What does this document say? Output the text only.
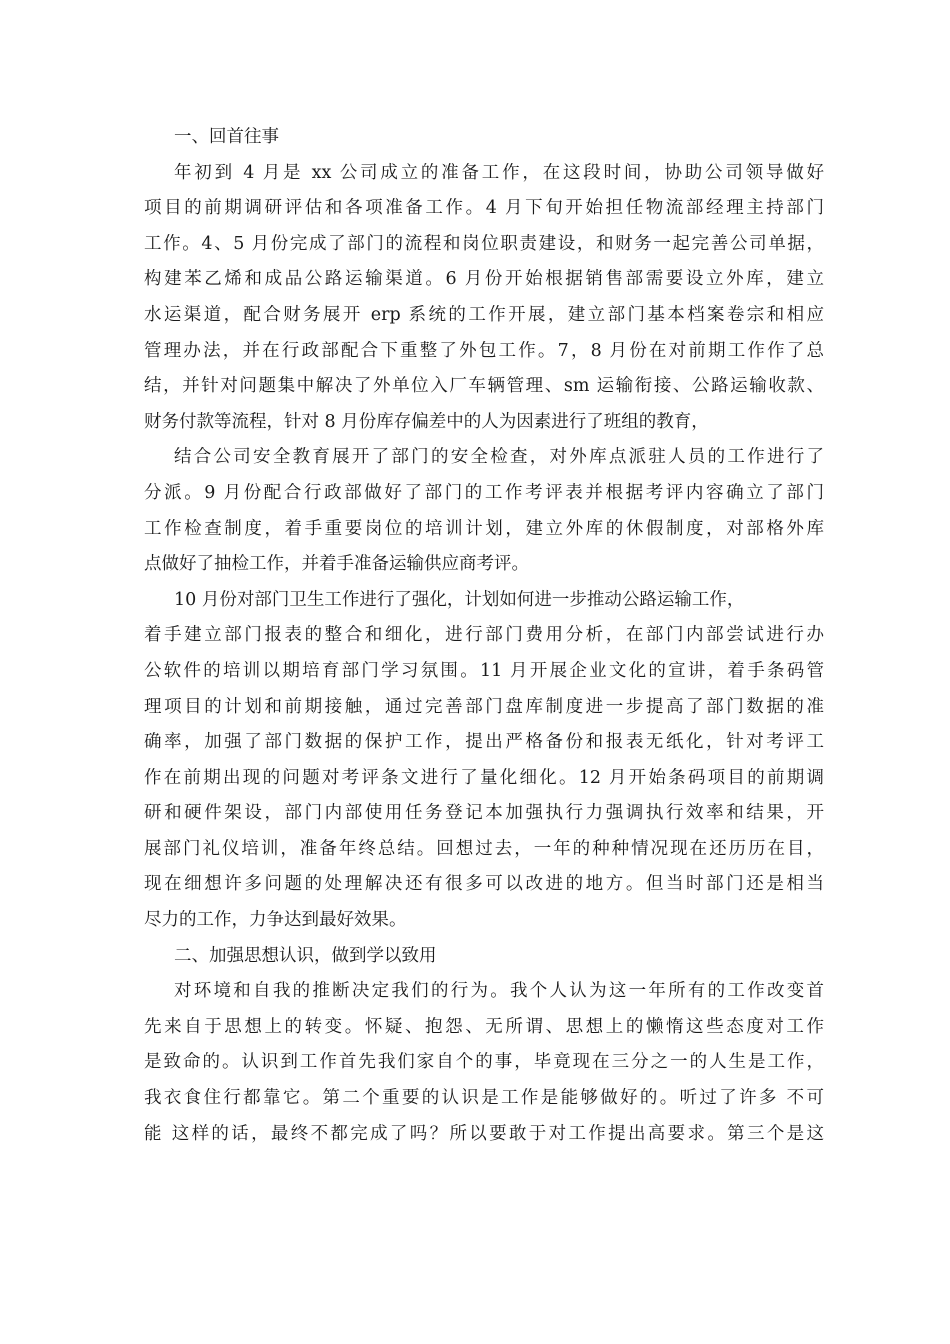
一、回首往事
年初到 4 月是 xx 公司成立的准备工作，在这段时间，协助公司领导做好
项目的前期调研评估和各项准备工作。4 月下旬开始担任物流部经理主持部门
工作。4、5 月份完成了部门的流程和岗位职责建设，和财务一起完善公司单据，
构建苯乙烯和成品公路运输渠道。6 月份开始根据销售部需要设立外库，建立
水运渠道，配合财务展开 erp 系统的工作开展，建立部门基本档案卷宗和相应
管理办法，并在行政部配合下重整了外包工作。7，8 月份在对前期工作作了总
结，并针对问题集中解决了外单位入厂车辆管理、sm 运输衔接、公路运输收款、
财务付款等流程，针对 8 月份库存偏差中的人为因素进行了班组的教育，
结合公司安全教育展开了部门的安全检查，对外库点派驻人员的工作进行了
分派。9 月份配合行政部做好了部门的工作考评表并根据考评内容确立了部门
工作检查制度，着手重要岗位的培训计划，建立外库的休假制度，对部格外库
点做好了抽检工作，并着手准备运输供应商考评。
10 月份对部门卫生工作进行了强化，计划如何进一步推动公路运输工作，
着手建立部门报表的整合和细化，进行部门费用分析，在部门内部尝试进行办
公软件的培训以期培育部门学习氛围。11 月开展企业文化的宣讲，着手条码管
理项目的计划和前期接触，通过完善部门盘库制度进一步提高了部门数据的准
确率，加强了部门数据的保护工作，提出严格备份和报表无纸化，针对考评工
作在前期出现的问题对考评条文进行了量化细化。12 月开始条码项目的前期调
研和硬件架设，部门内部使用任务登记本加强执行力强调执行效率和结果，开
展部门礼仪培训，准备年终总结。回想过去，一年的种种情况现在还历历在目，
现在细想许多问题的处理解决还有很多可以改进的地方。但当时部门还是相当
尽力的工作，力争达到最好效果。
二、加强思想认识，做到学以致用
对环境和自我的推断决定我们的行为。我个人认为这一年所有的工作改变首
先来自于思想上的转变。怀疑、抱怨、无所谓、思想上的懒惰这些态度对工作
是致命的。认识到工作首先我们家自个的事，毕竟现在三分之一的人生是工作，
我衣食住行都靠它。第二个重要的认识是工作是能够做好的。听过了许多 不可
能 这样的话，最终不都完成了吗？所以要敢于对工作提出高要求。第三个是这
